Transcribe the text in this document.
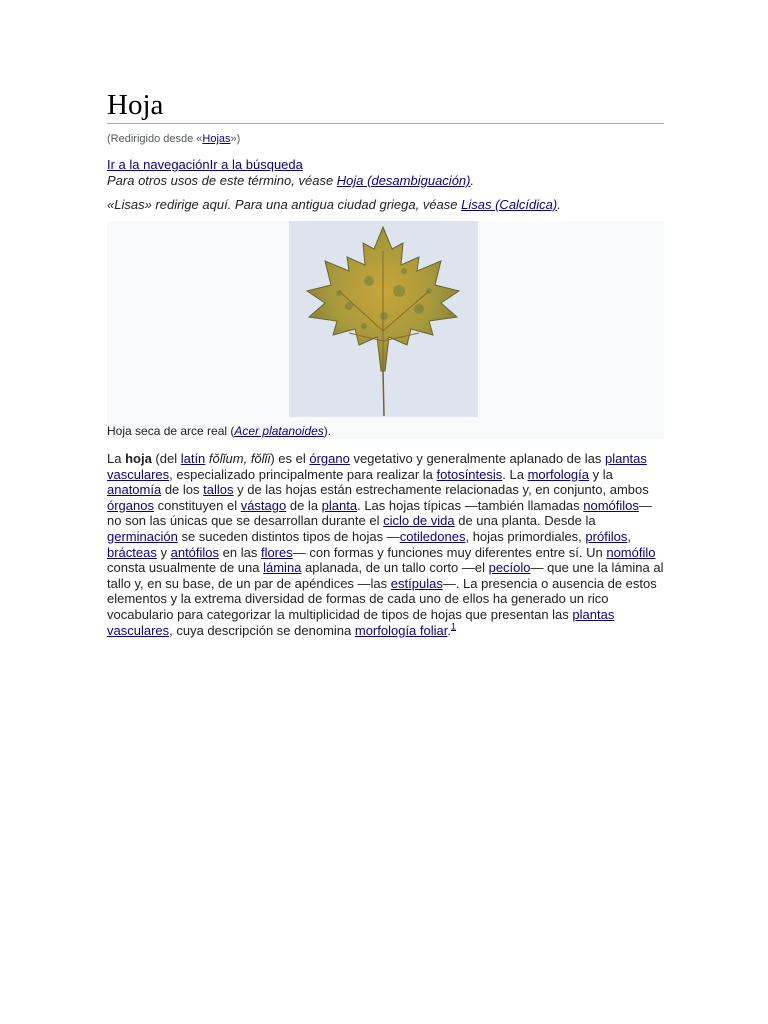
Hoja
(Redirigido desde «Hojas»)
Ir a la navegaciónIr a la búsqueda
Para otros usos de este término, véase Hoja (desambiguación).
«Lisas» redirige aquí. Para una antigua ciudad griega, véase Lisas (Calcídica).
Hoja seca de arce real (Acer platanoides).

La hoja (del latín fŏlĭum, fŏlĭi) es el órgano vegetativo y generalmente aplanado de las plantas vasculares, especializado principalmente para realizar la fotosíntesis. La morfología y la anatomía de los tallos y de las hojas están estrechamente relacionadas y, en conjunto, ambos órganos constituyen el vástago de la planta. Las hojas típicas —también llamadas nomófilos— no son las únicas que se desarrollan durante el ciclo de vida de una planta. Desde la germinación se suceden distintos tipos de hojas —cotiledones, hojas primordiales, prófilos, brácteas y antófilos en las flores— con formas y funciones muy diferentes entre sí. Un nomófilo consta usualmente de una lámina aplanada, de un tallo corto —el pecíolo— que une la lámina al tallo y, en su base, de un par de apéndices —las estípulas—. La presencia o ausencia de estos elementos y la extrema diversidad de formas de cada uno de ellos ha generado un rico vocabulario para categorizar la multiplicidad de tipos de hojas que presentan las plantas vasculares, cuya descripción se denomina morfología foliar.$^1$
